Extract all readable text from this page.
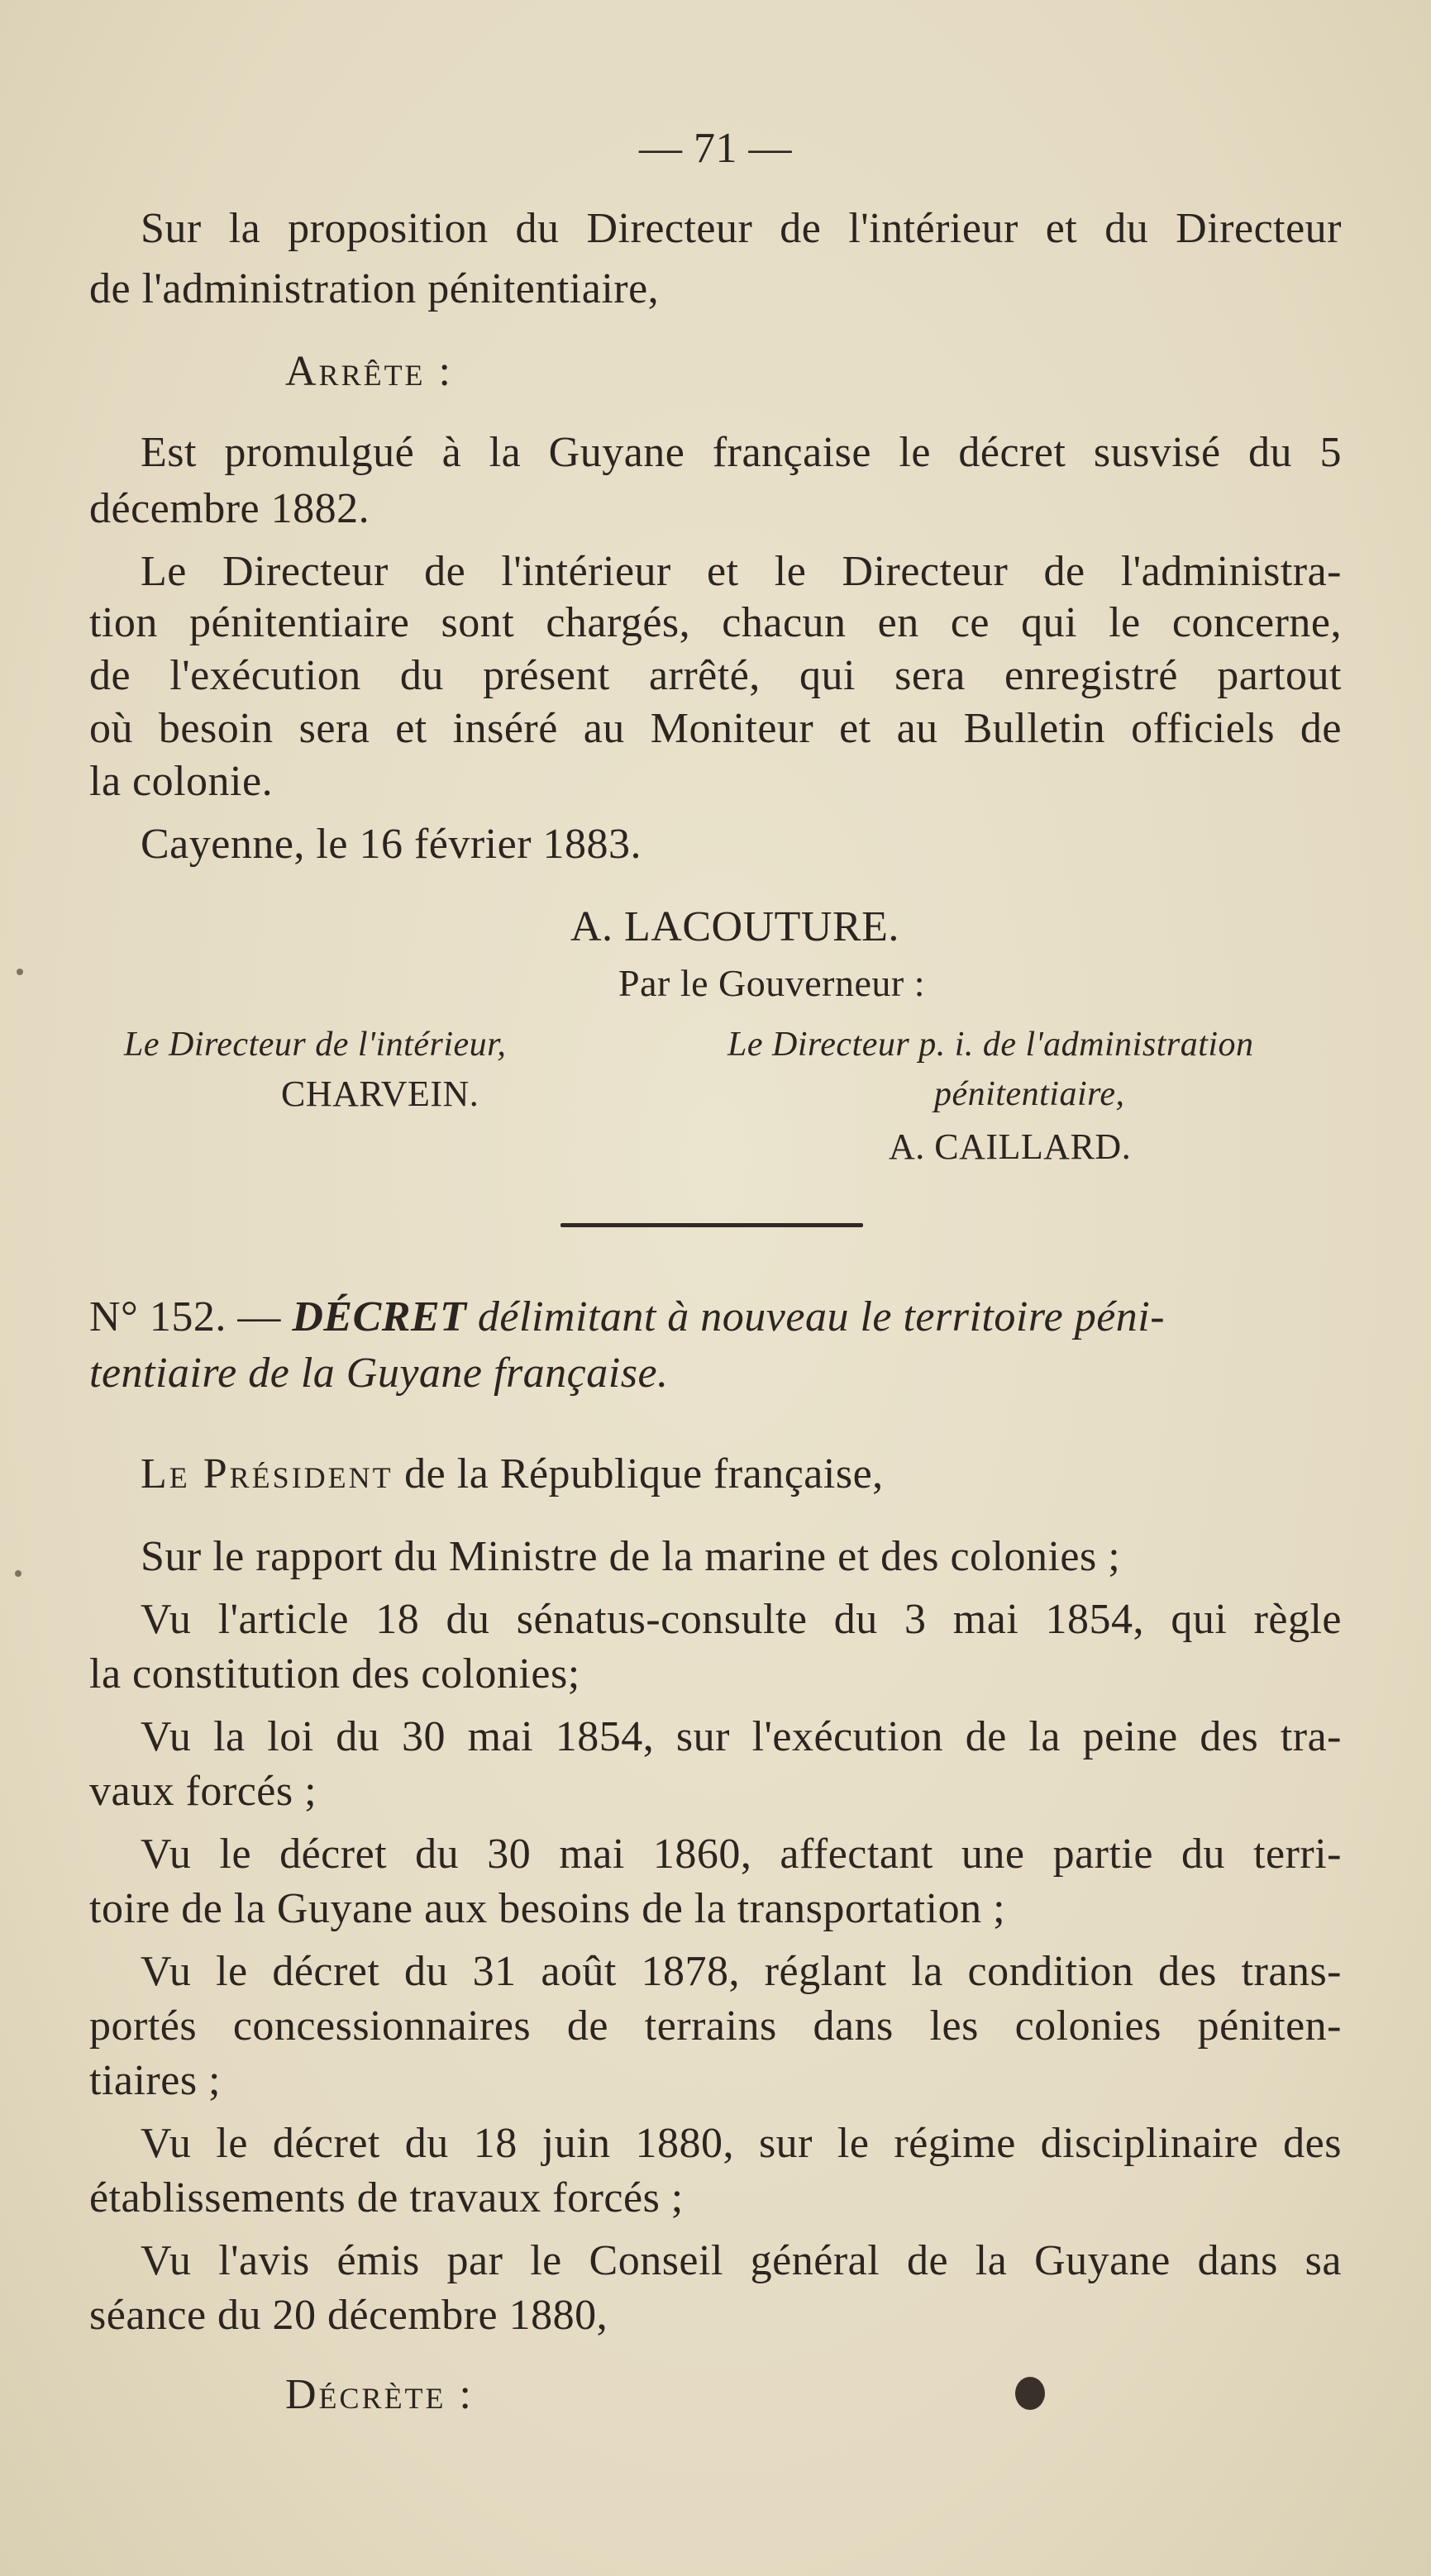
— 71 —
Sur la proposition du Directeur de l'intérieur et du Directeur
de l'administration pénitentiaire,
Arrête :
Est promulgué à la Guyane française le décret susvisé du 5
décembre 1882.
Le Directeur de l'intérieur et le Directeur de l'administra-
tion pénitentiaire sont chargés, chacun en ce qui le concerne,
de l'exécution du présent arrêté, qui sera enregistré partout
où besoin sera et inséré au Moniteur et au Bulletin officiels de
la colonie.
Cayenne, le 16 février 1883.
A. LACOUTURE.
Par le Gouverneur :
Le Directeur de l'intérieur,
CHARVEIN.
Le Directeur p. i. de l'administration
pénitentiaire,
A. CAILLARD.
N° 152. — DÉCRET délimitant à nouveau le territoire péni-
tentiaire de la Guyane française.
Le Président de la République française,
Sur le rapport du Ministre de la marine et des colonies ;
Vu l'article 18 du sénatus-consulte du 3 mai 1854, qui règle
la constitution des colonies;
Vu la loi du 30 mai 1854, sur l'exécution de la peine des tra-
vaux forcés ;
Vu le décret du 30 mai 1860, affectant une partie du terri-
toire de la Guyane aux besoins de la transportation ;
Vu le décret du 31 août 1878, réglant la condition des trans-
portés concessionnaires de terrains dans les colonies péniten-
tiaires ;
Vu le décret du 18 juin 1880, sur le régime disciplinaire des
établissements de travaux forcés ;
Vu l'avis émis par le Conseil général de la Guyane dans sa
séance du 20 décembre 1880,
Décrète :
